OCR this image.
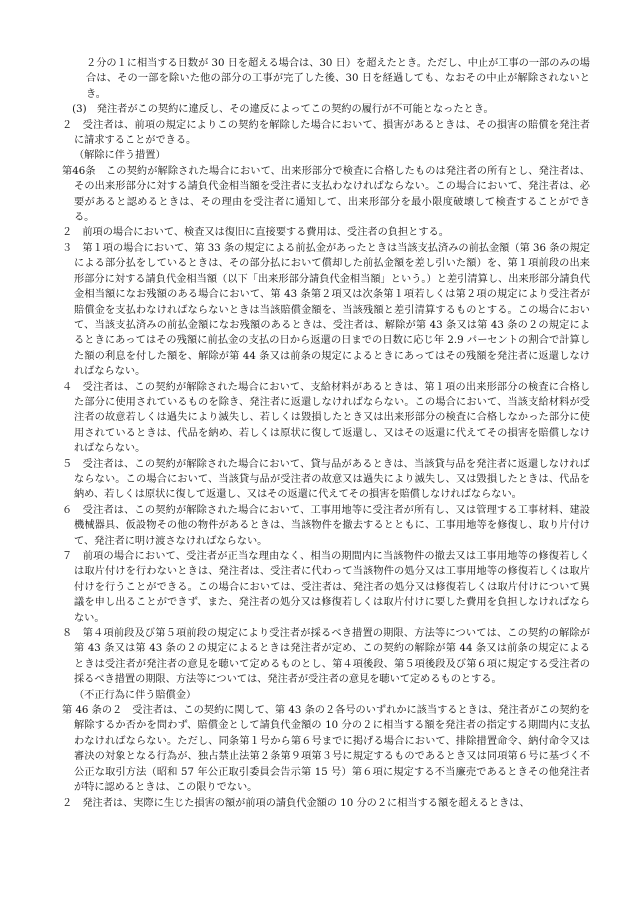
２分の１に相当する日数が 30 日を超える場合は、30 日）を超えたとき。ただし、中止が工事の一部のみの場合は、その一部を除いた他の部分の工事が完了した後、30 日を経過しても、なおその中止が解除されないとき。
　(3)　発注者がこの契約に違反し、その違反によってこの契約の履行が不可能となったとき。
２　受注者は、前項の規定によりこの契約を解除した場合において、損害があるときは、その損害の賠償を発注者に請求することができる。
（解除に伴う措置）
第46条　この契約が解除された場合において、出来形部分で検査に合格したものは発注者の所有とし、発注者は、その出来形部分に対する請負代金相当額を受注者に支払わなければならない。この場合において、発注者は、必要があると認めるときは、その理由を受注者に通知して、出来形部分を最小限度破壊して検査することができる。
２　前項の場合において、検査又は復旧に直接要する費用は、受注者の負担とする。
３　第１項の場合において、第 33 条の規定による前払金があったときは当該支払済みの前払金額（第 36 条の規定による部分払をしているときは、その部分払において償却した前払金額を差し引いた額）を、第１項前段の出来形部分に対する請負代金相当額（以下「出来形部分請負代金相当額」という。）と差引清算し、出来形部分請負代金相当額になお残額のある場合において、第 43 条第２項又は次条第１項若しくは第２項の規定により受注者が賠償金を支払わなければならないときは当該賠償金額を、当該残額と差引清算するものとする。この場合において、当該支払済みの前払金額になお残額のあるときは、受注者は、解除が第 43 条又は第 43 条の２の規定によるときにあってはその残額に前払金の支払の日から返還の日までの日数に応じ年 2.9 パーセントの割合で計算した額の利息を付した額を、解除が第 44 条又は前条の規定によるときにあってはその残額を発注者に返還しなければならない。
４　受注者は、この契約が解除された場合において、支給材料があるときは、第１項の出来形部分の検査に合格した部分に使用されているものを除き、発注者に返還しなければならない。この場合において、当該支給材料が受注者の故意若しくは過失により滅失し、若しくは毀損したとき又は出来形部分の検査に合格しなかった部分に使用されているときは、代品を納め、若しくは原状に復して返還し、又はその返還に代えてその損害を賠償しなければならない。
５　受注者は、この契約が解除された場合において、貸与品があるときは、当該貸与品を発注者に返還しなければならない。この場合において、当該貸与品が受注者の故意又は過失により滅失し、又は毀損したときは、代品を納め、若しくは原状に復して返還し、又はその返還に代えてその損害を賠償しなければならない。
６　受注者は、この契約が解除された場合において、工事用地等に受注者が所有し、又は管理する工事材料、建設機械器具、仮設物その他の物件があるときは、当該物件を撤去するとともに、工事用地等を修復し、取り片付けて、発注者に明け渡さなければならない。
７　前項の場合において、受注者が正当な理由なく、相当の期間内に当該物件の撤去又は工事用地等の修復若しくは取片付けを行わないときは、発注者は、受注者に代わって当該物件の処分又は工事用地等の修復若しくは取片付けを行うことができる。この場合においては、受注者は、発注者の処分又は修復若しくは取片付けについて異議を申し出ることができず、また、発注者の処分又は修復若しくは取片付けに要した費用を負担しなければならない。
８　第４項前段及び第５項前段の規定により受注者が採るべき措置の期限、方法等については、この契約の解除が第 43 条又は第 43 条の２の規定によるときは発注者が定め、この契約の解除が第 44 条又は前条の規定によるときは受注者が発注者の意見を聴いて定めるものとし、第４項後段、第５項後段及び第６項に規定する受注者の採るべき措置の期限、方法等については、発注者が受注者の意見を聴いて定めるものとする。
（不正行為に伴う賠償金）
第 46 条の２　受注者は、この契約に関して、第 43 条の２各号のいずれかに該当するときは、発注者がこの契約を解除するか否かを問わず、賠償金として請負代金額の 10 分の２に相当する額を発注者の指定する期間内に支払わなければならない。ただし、同条第１号から第６号までに掲げる場合において、排除措置命令、納付命令又は審決の対象となる行為が、独占禁止法第２条第９項第３号に規定するものであるとき又は同項第６号に基づく不公正な取引方法（昭和 57 年公正取引委員会告示第 15 号）第６項に規定する不当廉売であるときその他発注者が特に認めるときは、この限りでない。
２　発注者は、実際に生じた損害の額が前項の請負代金額の 10 分の２に相当する額を超えるときは、
